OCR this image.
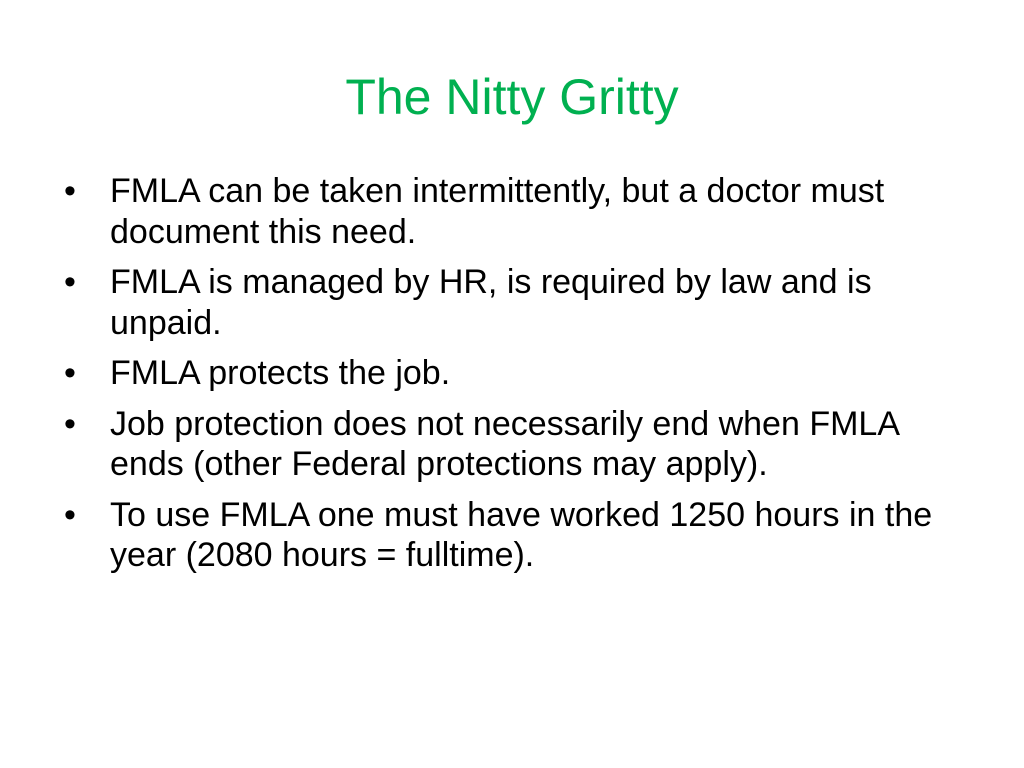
The Nitty Gritty
•	FMLA can be taken intermittently, but a doctor must document this need.
•	FMLA is managed by HR, is required by law and is unpaid.
•	FMLA protects the job.
•	Job protection does not necessarily end when FMLA ends (other Federal protections may apply).
•	To use FMLA one must have worked 1250 hours in the year (2080 hours = fulltime).
